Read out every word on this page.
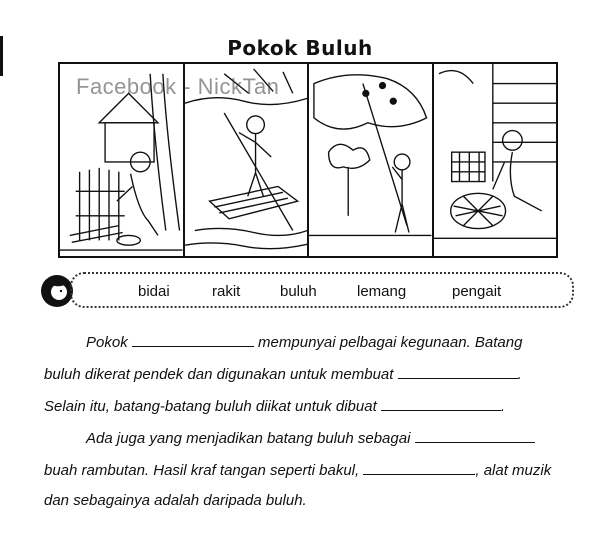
Pokok Buluh
Facebook - NickTan
bidai	rakit	buluh	lemang	pengait
Pokok	mempunyai pelbagai kegunaan. Batang
buluh dikerat pendek dan digunakan untuk membuat	.
Selain itu, batang-batang buluh diikat untuk dibuat	.
Ada juga yang menjadikan batang buluh sebagai
buah rambutan. Hasil kraf tangan seperti bakul,	, alat muzik
dan sebagainya adalah daripada buluh.
